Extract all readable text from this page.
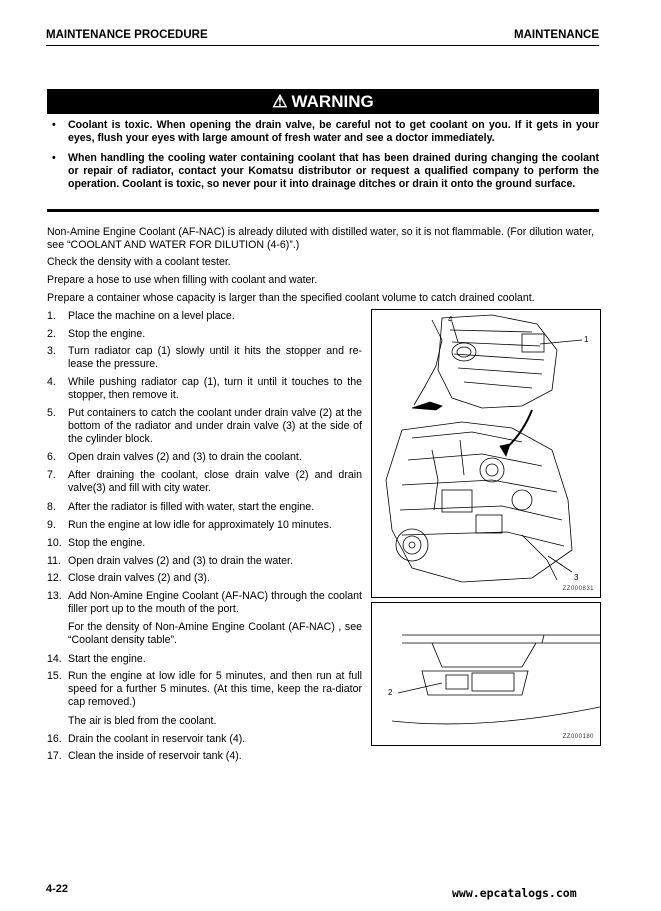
MAINTENANCE PROCEDURE	MAINTENANCE
⚠ WARNING
• Coolant is toxic. When opening the drain valve, be careful not to get coolant on you. If it gets in your eyes, flush your eyes with large amount of fresh water and see a doctor immediately.
• When handling the cooling water containing coolant that has been drained during changing the coolant or repair of radiator, contact your Komatsu distributor or request a qualified company to perform the operation. Coolant is toxic, so never pour it into drainage ditches or drain it onto the ground surface.
Non-Amine Engine Coolant (AF-NAC) is already diluted with distilled water, so it is not flammable. (For dilution water, see “COOLANT AND WATER FOR DILUTION (4-6)”.)
Check the density with a coolant tester.
Prepare a hose to use when filling with coolant and water.
Prepare a container whose capacity is larger than the specified coolant volume to catch drained coolant.
1. Place the machine on a level place.
2. Stop the engine.
3. Turn radiator cap (1) slowly until it hits the stopper and re-lease the pressure.
4. While pushing radiator cap (1), turn it until it touches to the stopper, then remove it.
5. Put containers to catch the coolant under drain valve (2) at the bottom of the radiator and under drain valve (3) at the side of the cylinder block.
6. Open drain valves (2) and (3) to drain the coolant.
7. After draining the coolant, close drain valve (2) and drain valve(3) and fill with city water.
8. After the radiator is filled with water, start the engine.
9. Run the engine at low idle for approximately 10 minutes.
10. Stop the engine.
11. Open drain valves (2) and (3) to drain the water.
12. Close drain valves (2) and (3).
13. Add Non-Amine Engine Coolant (AF-NAC) through the coolant filler port up to the mouth of the port.
For the density of Non-Amine Engine Coolant (AF-NAC) , see “Coolant density table”.
14. Start the engine.
15. Run the engine at low idle for 5 minutes, and then run at full speed for a further 5 minutes. (At this time, keep the ra-diator cap removed.)
The air is bled from the coolant.
16. Drain the coolant in reservoir tank (4).
17. Clean the inside of reservoir tank (4).
4
1
3
ZZ000831
2
ZZ000180
4-22	www.epcatalogs.com
